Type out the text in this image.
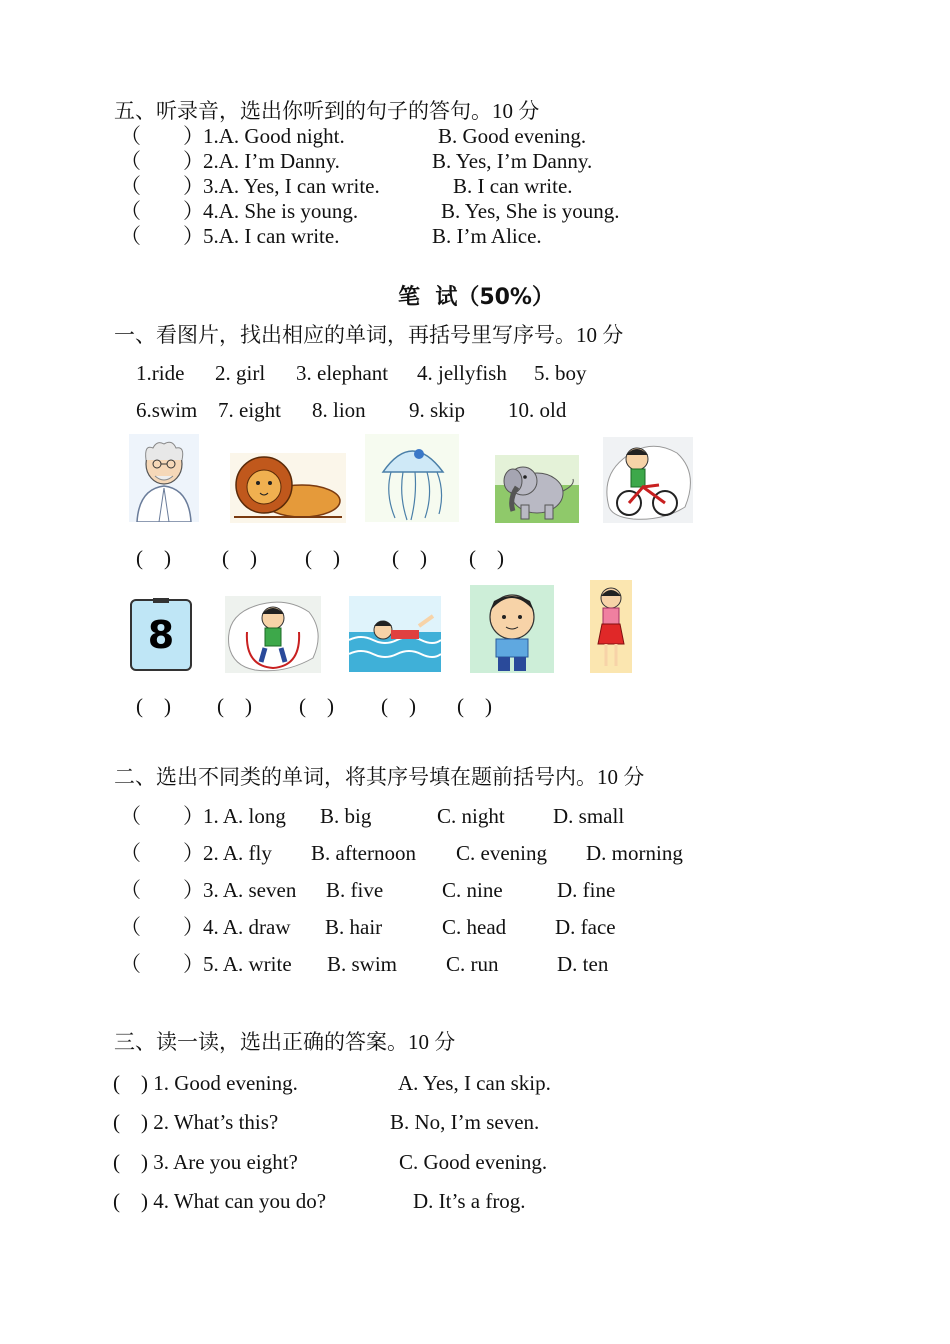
五、听录音，选出你听到的句子的答句。10 分
（        ） 1.A. Good night.	B. Good evening.
（        ） 2.A. I’m Danny.	B. Yes, I’m Danny.
（        ） 3.A. Yes, I can write.	B. I can write.
（        ） 4.A. She is young.	B. Yes, She is young.
（        ） 5.A. I can write.	B. I’m Alice.
笔  试（50%）
一、看图片，找出相应的单词，再括号里写序号。10 分
1.ride 2. girl 3. elephant 4. jellyfish 5. boy
6.swim 7. eight 8. lion 9. skip 10. old
(    ) (    ) (    ) (    ) (    )
8
(    ) (    ) (    ) (    ) (    )
二、选出不同类的单词，将其序号填在题前括号内。10 分
（        ） 1. A. long B. big	C. night D. small
（        ） 2. A. fly B. afternoon C. evening D. morning
（        ） 3. A. seven B. five	C. nine	D. fine
（        ） 4. A. draw B. hair	C. head D. face
（        ） 5. A. write B. swim C. run	D. ten
三、读一读，选出正确的答案。10 分
(    ) 1. Good evening.	A. Yes, I can skip.
(    ) 2. What’s this?	B. No, I’m seven.
(    ) 3. Are you eight?	C. Good evening.
(    ) 4. What can you do?	D. It’s a frog.
